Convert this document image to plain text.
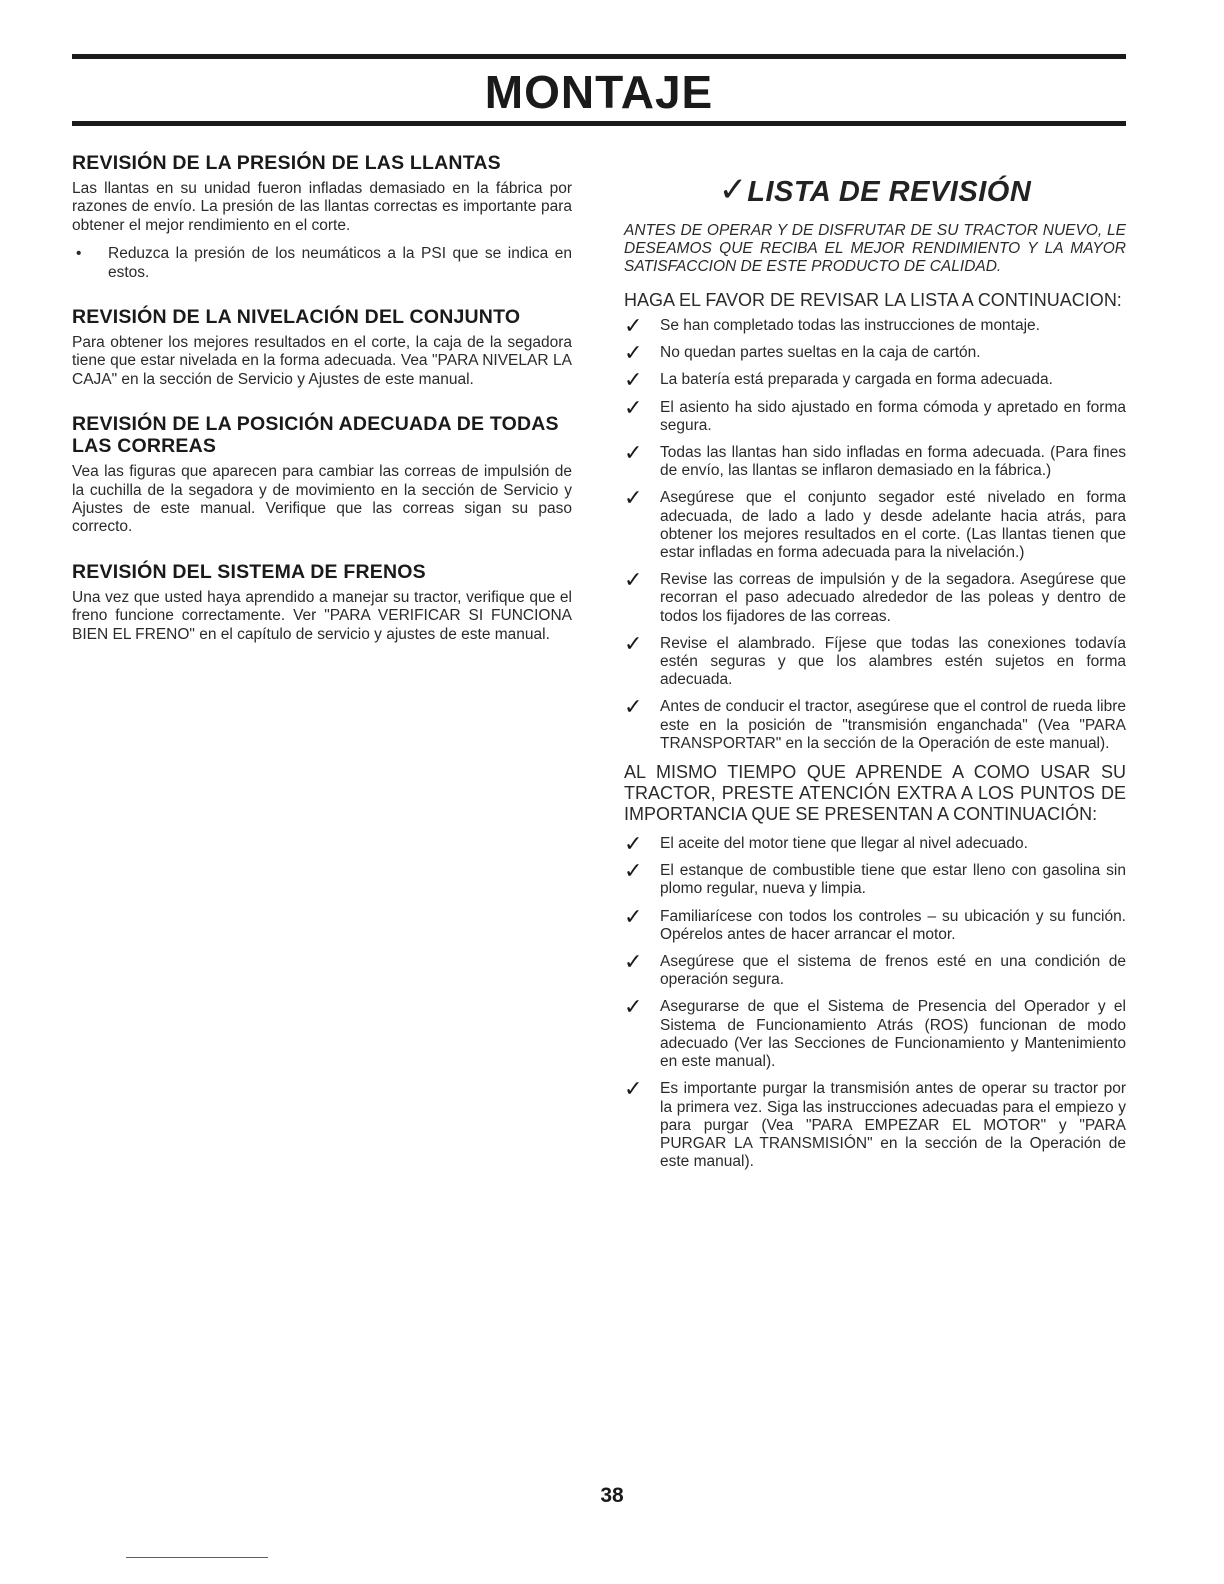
MONTAJE
REVISIÓN DE LA PRESIÓN DE LAS LLANTAS

Las llantas en su unidad fueron infladas demasiado en la fábrica por razones de envío. La presión de las llantas correctas es importante para obtener el mejor rendimiento en el corte.

•	Reduzca la presión de los neumáticos a la PSI que se indica en estos.
REVISIÓN DE LA NIVELACIÓN DEL CONJUNTO

Para obtener los mejores resultados en el corte, la caja de la segadora tiene que estar nivelada en la forma adecuada. Vea "PARA NIVELAR LA CAJA" en la sección de Servicio y Ajustes de este manual.

REVISIÓN DE LA POSICIÓN ADECUADA DE TODAS LAS CORREAS

Vea las figuras que aparecen para cambiar las correas de impulsión de la cuchilla de la segadora y de movimiento en la sección de Servicio y Ajustes de este manual. Verifique que las correas sigan su paso correcto.

REVISIÓN DEL SISTEMA DE FRENOS

Una vez que usted haya aprendido a manejar su tractor, verifique que el freno funcione correctamente. Ver "PARA VERIFICAR SI FUNCIONA BIEN EL FRENO" en el capítulo de servicio y ajustes de este manual.

✓LISTA DE REVISIÓN

ANTES DE OPERAR Y DE DISFRUTAR DE SU TRACTOR NUEVO, LE DESEAMOS QUE RECIBA EL MEJOR RENDIMIENTO Y LA MAYOR SATISFACCION DE ESTE PRODUCTO DE CALIDAD.

HAGA EL FAVOR DE REVISAR LA LISTA A CONTINUACION:

✓	Se han completado todas las instrucciones de montaje.
✓	No quedan partes sueltas en la caja de cartón.
✓	La batería está preparada y cargada en forma adecuada.
✓	El asiento ha sido ajustado en forma cómoda y apretado en forma segura.
✓	Todas las llantas han sido infladas en forma adecuada. (Para fines de envío, las llantas se inflaron demasiado en la fábrica.)
✓	Asegúrese que el conjunto segador esté nivelado en forma adecuada, de lado a lado y desde adelante hacia atrás, para obtener los mejores resultados en el corte. (Las llantas tienen que estar infladas en forma adecuada para la nivelación.)
✓	Revise las correas de impulsión y de la segadora. Asegúrese que recorran el paso adecuado alrededor de las poleas y dentro de todos los fijadores de las correas.
✓	Revise el alambrado. Fíjese que todas las conexiones todavía estén seguras y que los alambres estén sujetos en forma adecuada.
✓	Antes de conducir el tractor, asegúrese que el control de rueda libre este en la posición de "transmisión enganchada" (Vea "PARA TRANSPORTAR" en la sección de la Operación de este manual).

AL MISMO TIEMPO QUE APRENDE A COMO USAR SU TRACTOR, PRESTE ATENCIÓN EXTRA A LOS PUNTOS DE IMPORTANCIA QUE SE PRESENTAN A CONTINUACIÓN:

✓	El aceite del motor tiene que llegar al nivel adecuado.
✓	El estanque de combustible tiene que estar lleno con gasolina sin plomo regular, nueva y limpia.
✓	Familiarícese con todos los controles – su ubicación y su función. Opérelos antes de hacer arrancar el motor.
✓	Asegúrese que el sistema de frenos esté en una condición de operación segura.
✓	Asegurarse de que el Sistema de Presencia del Operador y el Sistema de Funcionamiento Atrás (ROS) funcionan de modo adecuado (Ver las Secciones de Funcionamiento y Mantenimiento en este manual).
✓	Es importante purgar la transmisión antes de operar su tractor por la primera vez. Siga las instrucciones adecuadas para el empiezo y para purgar (Vea "PARA EMPEZAR EL MOTOR" y "PARA PURGAR LA TRANSMISIÓN" en la sección de la Operación de este manual).
38
